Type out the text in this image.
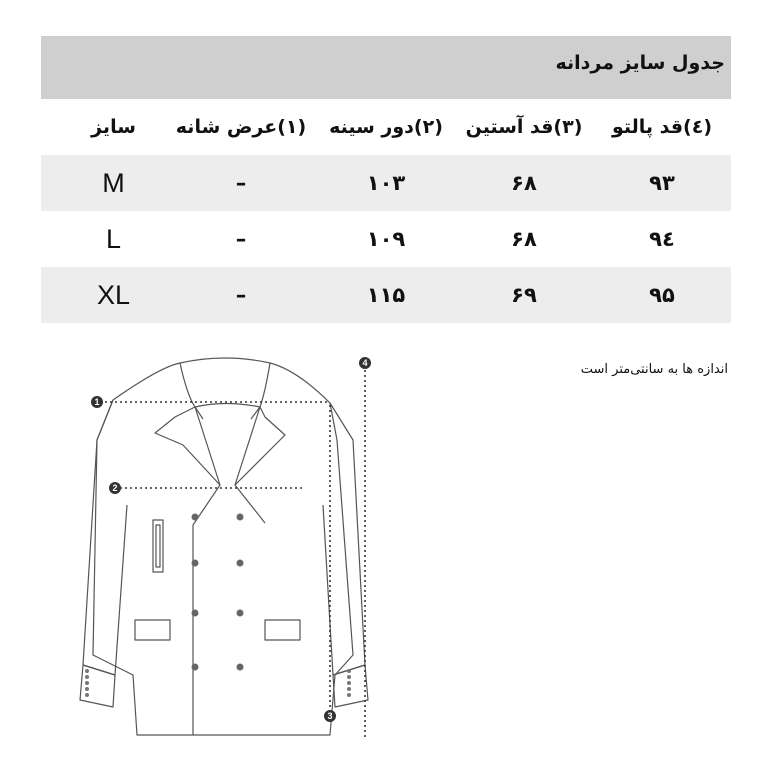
جدول سایز مردانه
سایز	(۱)عرض شانه	(۲)دور سینه	(۳)قد آستین	(٤)قد پالتو
M	–	۱۰۳	۶۸	۹۳
L	–	۱۰۹	۶۸	۹٤
XL	–	۱۱۵	۶۹	۹۵
اندازه ها به سانتی‌متر است
1
2
3
4
